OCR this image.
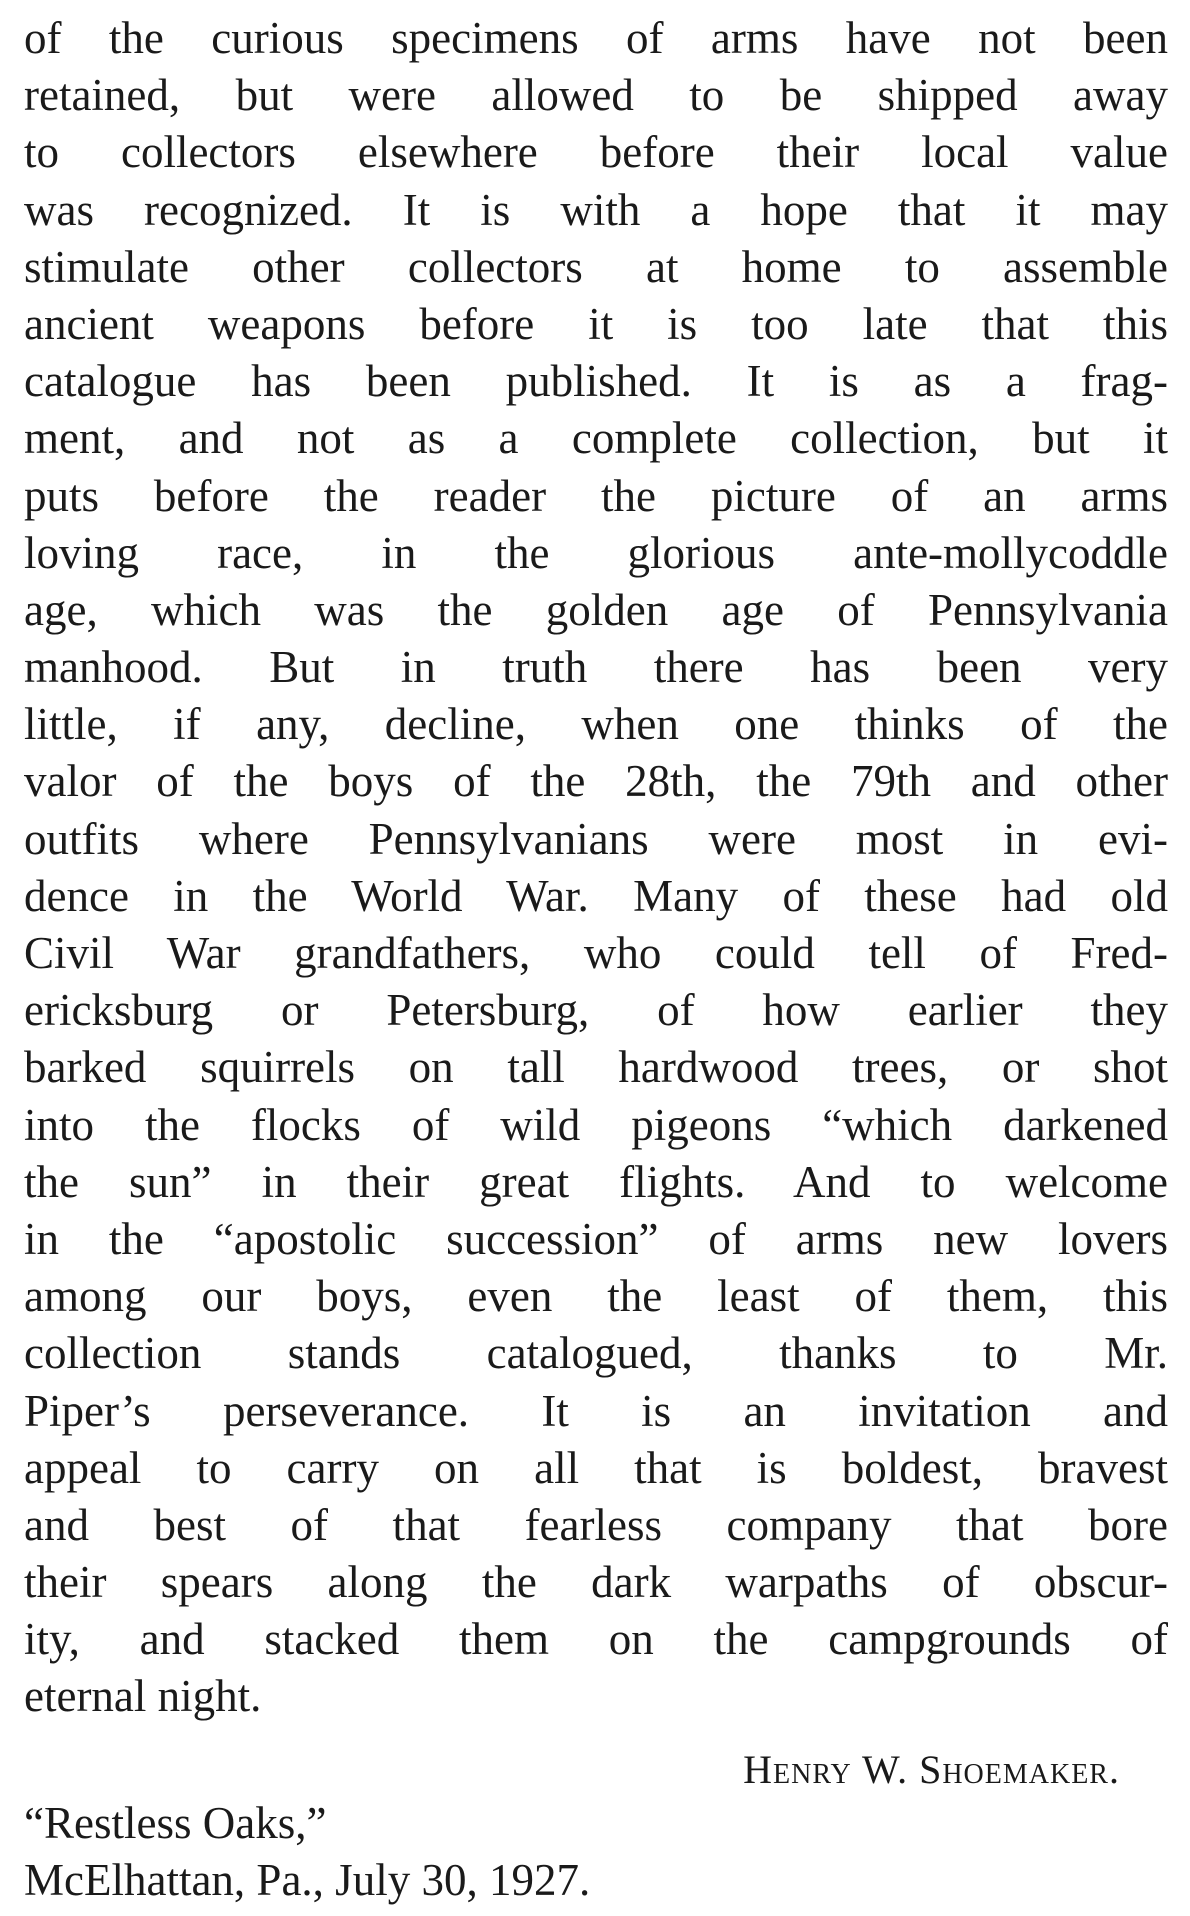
of the curious specimens of arms have not been
retained, but were allowed to be shipped away
to collectors elsewhere before their local value
was recognized. It is with a hope that it may
stimulate other collectors at home to assemble
ancient weapons before it is too late that this
catalogue has been published. It is as a frag-
ment, and not as a complete collection, but it
puts before the reader the picture of an arms
loving race, in the glorious ante-mollycoddle
age, which was the golden age of Pennsylvania
manhood. But in truth there has been very
little, if any, decline, when one thinks of the
valor of the boys of the 28th, the 79th and other
outfits where Pennsylvanians were most in evi-
dence in the World War. Many of these had old
Civil War grandfathers, who could tell of Fred-
ericksburg or Petersburg, of how earlier they
barked squirrels on tall hardwood trees, or shot
into the flocks of wild pigeons “which darkened
the sun” in their great flights. And to welcome
in the “apostolic succession” of arms new lovers
among our boys, even the least of them, this
collection stands catalogued, thanks to Mr.
Piper’s perseverance. It is an invitation and
appeal to carry on all that is boldest, bravest
and best of that fearless company that bore
their spears along the dark warpaths of obscur-
ity, and stacked them on the campgrounds of
eternal night.
Henry W. Shoemaker.
“Restless Oaks,”
McElhattan, Pa., July 30, 1927.
